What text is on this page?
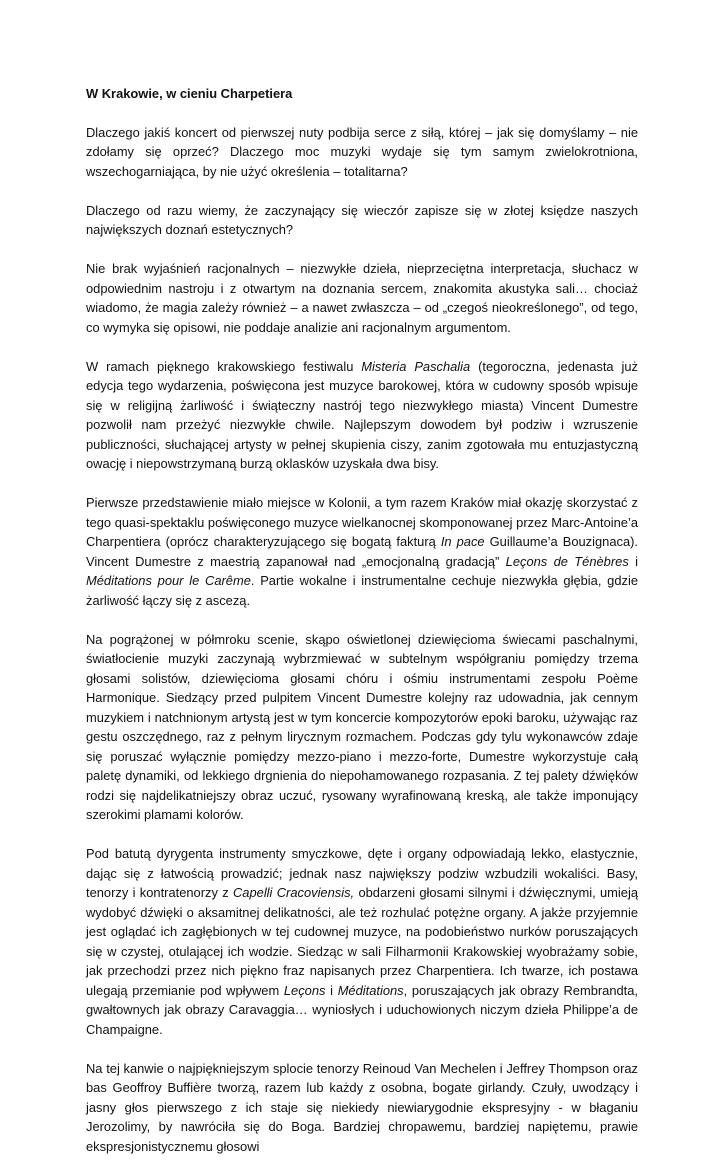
W Krakowie, w cieniu Charpetiera

Dlaczego jakiś koncert od pierwszej nuty podbija serce z siłą, której – jak się domyślamy – nie zdołamy się oprzeć? Dlaczego moc muzyki wydaje się tym samym zwielokrotniona, wszechogarniająca, by nie użyć określenia – totalitarna?

Dlaczego od razu wiemy, że zaczynający się wieczór zapisze się w złotej księdze naszych największych doznań estetycznych?

Nie brak wyjaśnień racjonalnych – niezwykłe dzieła, nieprzeciętna interpretacja, słuchacz w odpowiednim nastroju i z otwartym na doznania sercem, znakomita akustyka sali… chociaż wiadomo, że magia zależy również – a nawet zwłaszcza – od „czegoś nieokreślonego”, od tego, co wymyka się opisowi, nie poddaje analizie ani racjonalnym argumentom.

W ramach pięknego krakowskiego festiwalu Misteria Paschalia (tegoroczna, jedenasta już edycja tego wydarzenia, poświęcona jest muzyce barokowej, która w cudowny sposób wpisuje się w religijną żarliwość i świąteczny nastrój tego niezwykłego miasta) Vincent Dumestre pozwolił nam przeżyć niezwykłe chwile. Najlepszym dowodem był podziw i wzruszenie publiczności, słuchającej artysty w pełnej skupienia ciszy, zanim zgotowała mu entuzjastyczną owację i niepowstrzymaną burzą oklasków uzyskała dwa bisy.

Pierwsze przedstawienie miało miejsce w Kolonii, a tym razem Kraków miał okazję skorzystać z tego quasi-spektaklu poświęconego muzyce wielkanocnej skomponowanej przez Marc-Antoine’a Charpentiera (oprócz charakteryzującego się bogatą fakturą In pace Guillaume’a Bouzignaca). Vincent Dumestre z maestrią zapanował nad „emocjonalną gradacją” Leçons de Ténèbres i Méditations pour le Carême. Partie wokalne i instrumentalne cechuje niezwykła głębia, gdzie żarliwość łączy się z ascezą.

Na pogrążonej w półmroku scenie, skąpo oświetlonej dziewięcioma świecami paschalnymi, światłocienie muzyki zaczynają wybrzmiewać w subtelnym współgraniu pomiędzy trzema głosami solistów, dziewięcioma głosami chóru i ośmiu instrumentami zespołu Poème Harmonique. Siedzący przed pulpitem Vincent Dumestre kolejny raz udowadnia, jak cennym muzykiem i natchnionym artystą jest w tym koncercie kompozytorów epoki baroku, używając raz gestu oszczędnego, raz z pełnym lirycznym rozmachem. Podczas gdy tylu wykonawców zdaje się poruszać wyłącznie pomiędzy mezzo-piano i mezzo-forte, Dumestre wykorzystuje całą paletę dynamiki, od lekkiego drgnienia do niepohamowanego rozpasania. Z tej palety dźwięków rodzi się najdelikatniejszy obraz uczuć, rysowany wyrafinowaną kreską, ale także imponujący szerokimi plamami kolorów.

Pod batutą dyrygenta instrumenty smyczkowe, dęte i organy odpowiadają lekko, elastycznie, dając się z łatwością prowadzić; jednak nasz największy podziw wzbudzili wokaliści. Basy, tenorzy i kontratenorzy z Capelli Cracoviensis, obdarzeni głosami silnymi i dźwięcznymi, umieją wydobyć dźwięki o aksamitnej delikatności, ale też rozhulać potężne organy. A jakże przyjemnie jest oglądać ich zagłębionych w tej cudownej muzyce, na podobieństwo nurków poruszających się w czystej, otulającej ich wodzie. Siedząc w sali Filharmonii Krakowskiej wyobrażamy sobie, jak przechodzi przez nich piękno fraz napisanych przez Charpentiera. Ich twarze, ich postawa ulegają przemianie pod wpływem Leçons i Méditations, poruszających jak obrazy Rembrandta, gwałtownych jak obrazy Caravaggia… wyniosłych i uduchowionych niczym dzieła Philippe’a de Champaigne.

Na tej kanwie o najpiękniejszym splocie tenorzy Reinoud Van Mechelen i Jeffrey Thompson oraz bas Geoffroy Buffière tworzą, razem lub każdy z osobna, bogate girlandy. Czuły, uwodzący i jasny głos pierwszego z ich staje się niekiedy niewiarygodnie ekspresyjny - w błaganiu Jerozolimy, by nawróciła się do Boga. Bardziej chropawemu, bardziej napiętemu, prawie ekspresjonistycznemu głosowi
